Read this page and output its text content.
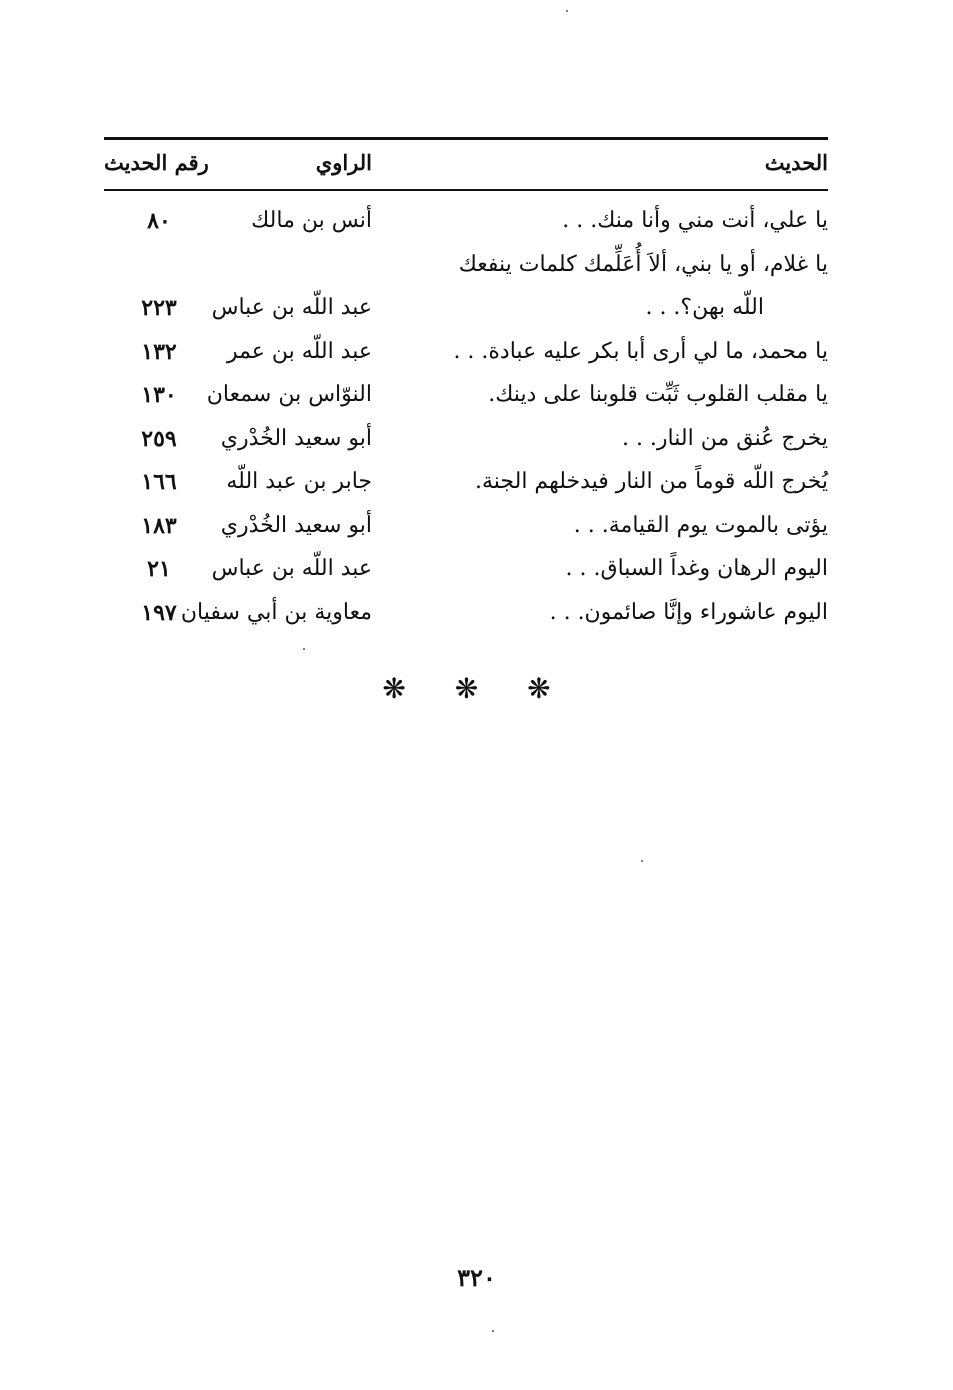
الحديث
الراوي
رقم الحديث
يا علي، أنت مني وأنا منك. . .
أنس بن مالك
٨٠
يا غلام، أو يا بني، ألاَ أُعَلِّمك كلمات ينفعك
اللّه بهن؟. . .
عبد اللّه بن عباس
٢٢٣
يا محمد، ما لي أرى أبا بكر عليه عبادة. . .
عبد اللّه بن عمر
١٣٢
يا مقلب القلوب ثَبِّت قلوبنا على دينك.
النوّاس بن سمعان
١٣٠
يخرج عُنق من النار. . .
أبو سعيد الخُدْري
٢٥٩
يُخرج اللّه قوماً من النار فيدخلهم الجنة.
جابر بن عبد اللّه
١٦٦
يؤتى بالموت يوم القيامة. . .
أبو سعيد الخُدْري
١٨٣
اليوم الرهان وغداً السباق. . .
عبد اللّه بن عباس
٢١
اليوم عاشوراء وإنَّا صائمون. . .
معاوية بن أبي سفيان
١٩٧
❋ ❋ ❋
٣٢٠
